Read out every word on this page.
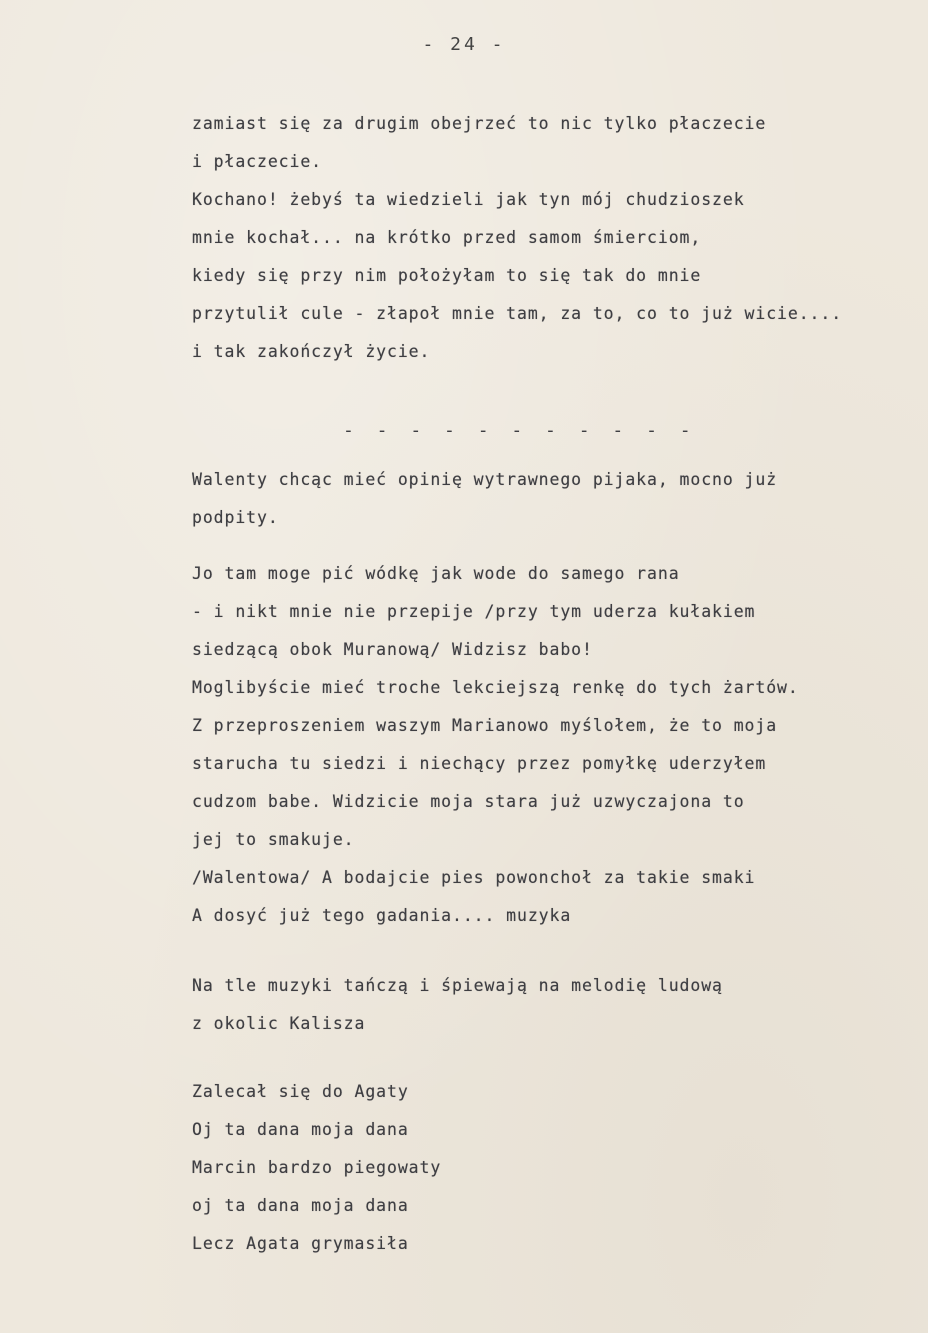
- 24 -

zamiast się za drugim obejrzeć to nic tylko płaczecie

i płaczecie.

Kochano! żebyś ta wiedzieli jak tyn mój chudzioszek

mnie kochał... na krótko przed samom śmierciom,

kiedy się przy nim położyłam to się tak do mnie

przytulił cule - złapoł mnie tam, za to, co to już wicie....

i tak zakończył życie.

- - - - - - - - - - -

Walenty chcąc mieć opinię wytrawnego pijaka, mocno już

podpity.

Jo tam moge pić wódkę jak wode do samego rana

- i nikt mnie nie przepije /przy tym uderza kułakiem

siedzącą obok Muranową/ Widzisz babo!

Moglibyście mieć troche lekciejszą renkę do tych żartów.

Z przeproszeniem waszym Marianowo myślołem, że to moja

starucha tu siedzi i niechący przez pomyłkę uderzyłem

cudzom babe. Widzicie moja stara już uzwyczajona to

jej to smakuje.

/Walentowa/ A bodajcie pies powonchoł za takie smaki

A dosyć już tego gadania.... muzyka

Na tle muzyki tańczą i śpiewają na melodię ludową

z okolic Kalisza

Zalecał się do Agaty

Oj ta dana moja dana

Marcin bardzo piegowaty

oj ta dana moja dana

Lecz Agata grymasiła
